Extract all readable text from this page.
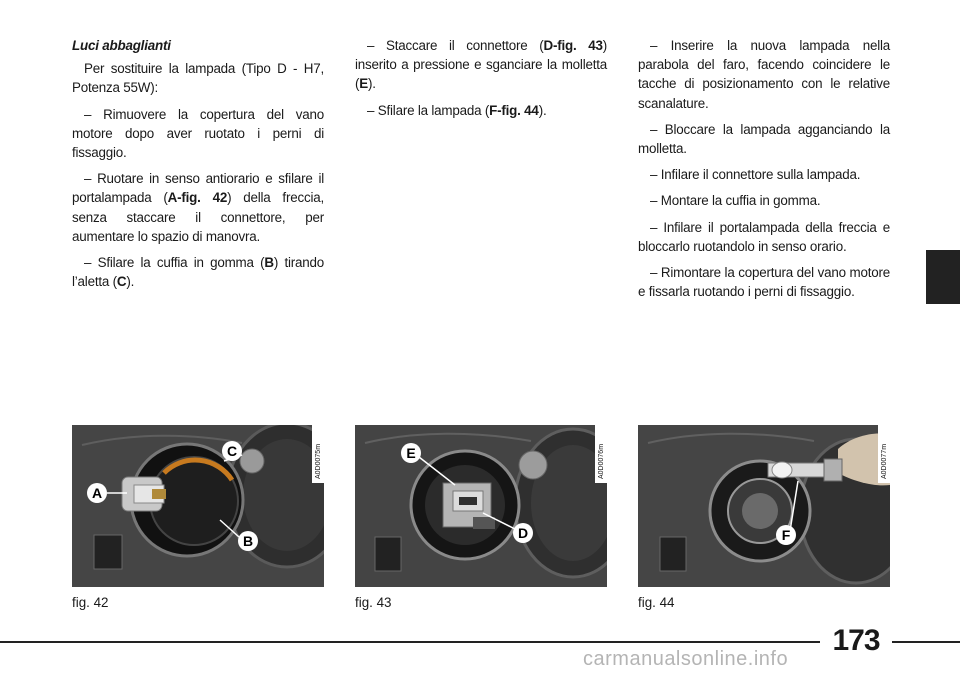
Luci abbaglianti

Per sostituire la lampada (Tipo D - H7, Potenza 55W):

– Rimuovere la copertura del vano motore dopo aver ruotato i perni di fissaggio.

– Ruotare in senso antiorario e sfilare il portalampada (A-fig. 42) della freccia, senza staccare il connettore, per aumentare lo spazio di manovra.

– Sfilare la cuffia in gomma (B) tirando l’aletta (C).

– Staccare il connettore (D-fig. 43) inserito a pressione e sganciare la molletta (E).

– Sfilare la lampada (F-fig. 44).

– Inserire la nuova lampada nella parabola del faro, facendo coincidere le tacche di posizionamento con le relative scanalature.

– Bloccare la lampada agganciando la molletta.

– Infilare il connettore sulla lampada.

– Montare la cuffia in gomma.

– Infilare il portalampada della freccia e bloccarlo ruotandolo in senso orario.

– Rimontare la copertura del vano motore e fissarla ruotando i perni di fissaggio.

C
A
B
A0D0075m	E
D
A0D0076m
F
A0D0077m
fig. 42	fig. 43	fig. 44
173
carmanualsonline.info
